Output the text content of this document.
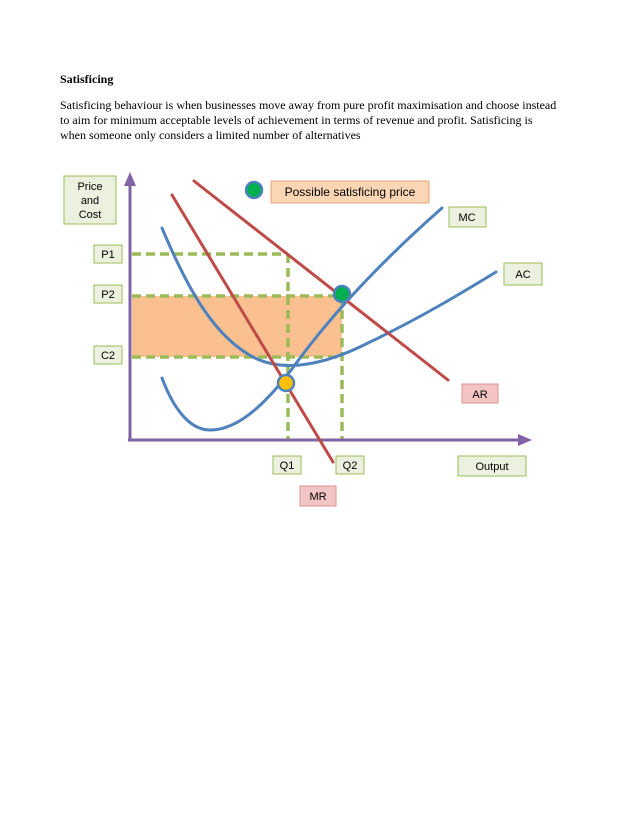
Satisficing
Satisficing behaviour is when businesses move away from pure profit maximisation and choose instead to aim for minimum acceptable levels of achievement in terms of revenue and profit. Satisficing is when someone only considers a limited number of alternatives
Price
and
Cost
P1
P2
C2
Q1	Q2	Output
MC
AC
AR
MR
Possible satisficing price
